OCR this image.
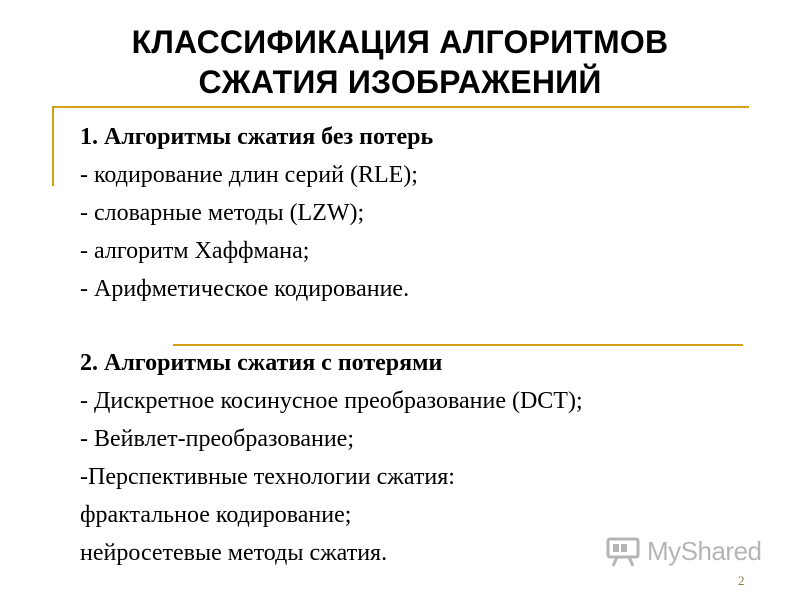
КЛАССИФИКАЦИЯ АЛГОРИТМОВ
СЖАТИЯ ИЗОБРАЖЕНИЙ
1. Алгоритмы сжатия без потерь
- кодирование длин серий (RLE);
- словарные методы (LZW);
- алгоритм Хаффмана;
- Арифметическое кодирование.
2. Алгоритмы сжатия с потерями
- Дискретное косинусное преобразование (DCT);
- Вейвлет-преобразование;
-Перспективные технологии сжатия:
фрактальное кодирование;
нейросетевые методы сжатия.	MyShared
2
